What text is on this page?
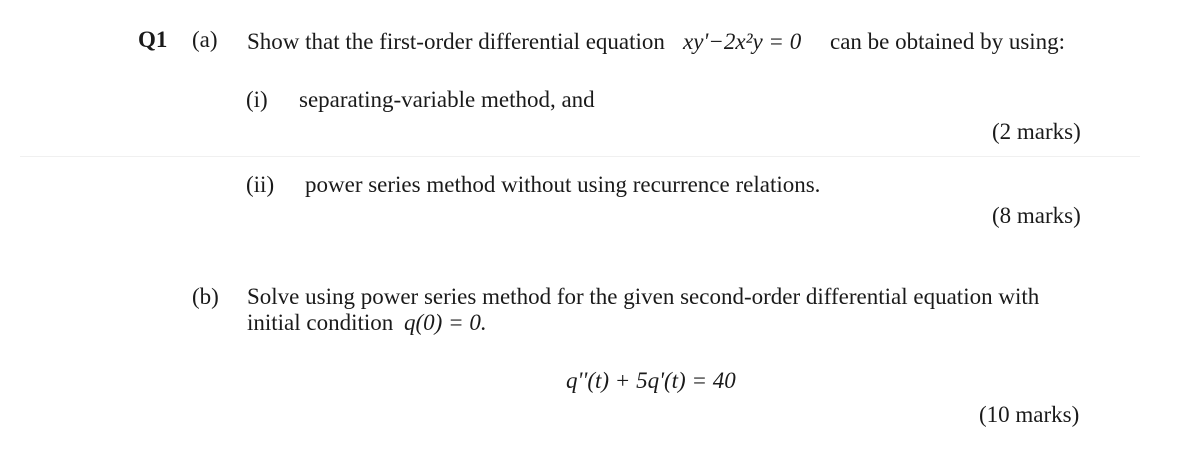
Q1 (a) Show that the first-order differential equation xy'−2x²y = 0 can be obtained by using:
(i) separating-variable method, and
(2 marks)
(ii) power series method without using recurrence relations.
(8 marks)
(b) Solve using power series method for the given second-order differential equation with
initial condition q(0) = 0.
q''(t) + 5q'(t) = 40
(10 marks)
